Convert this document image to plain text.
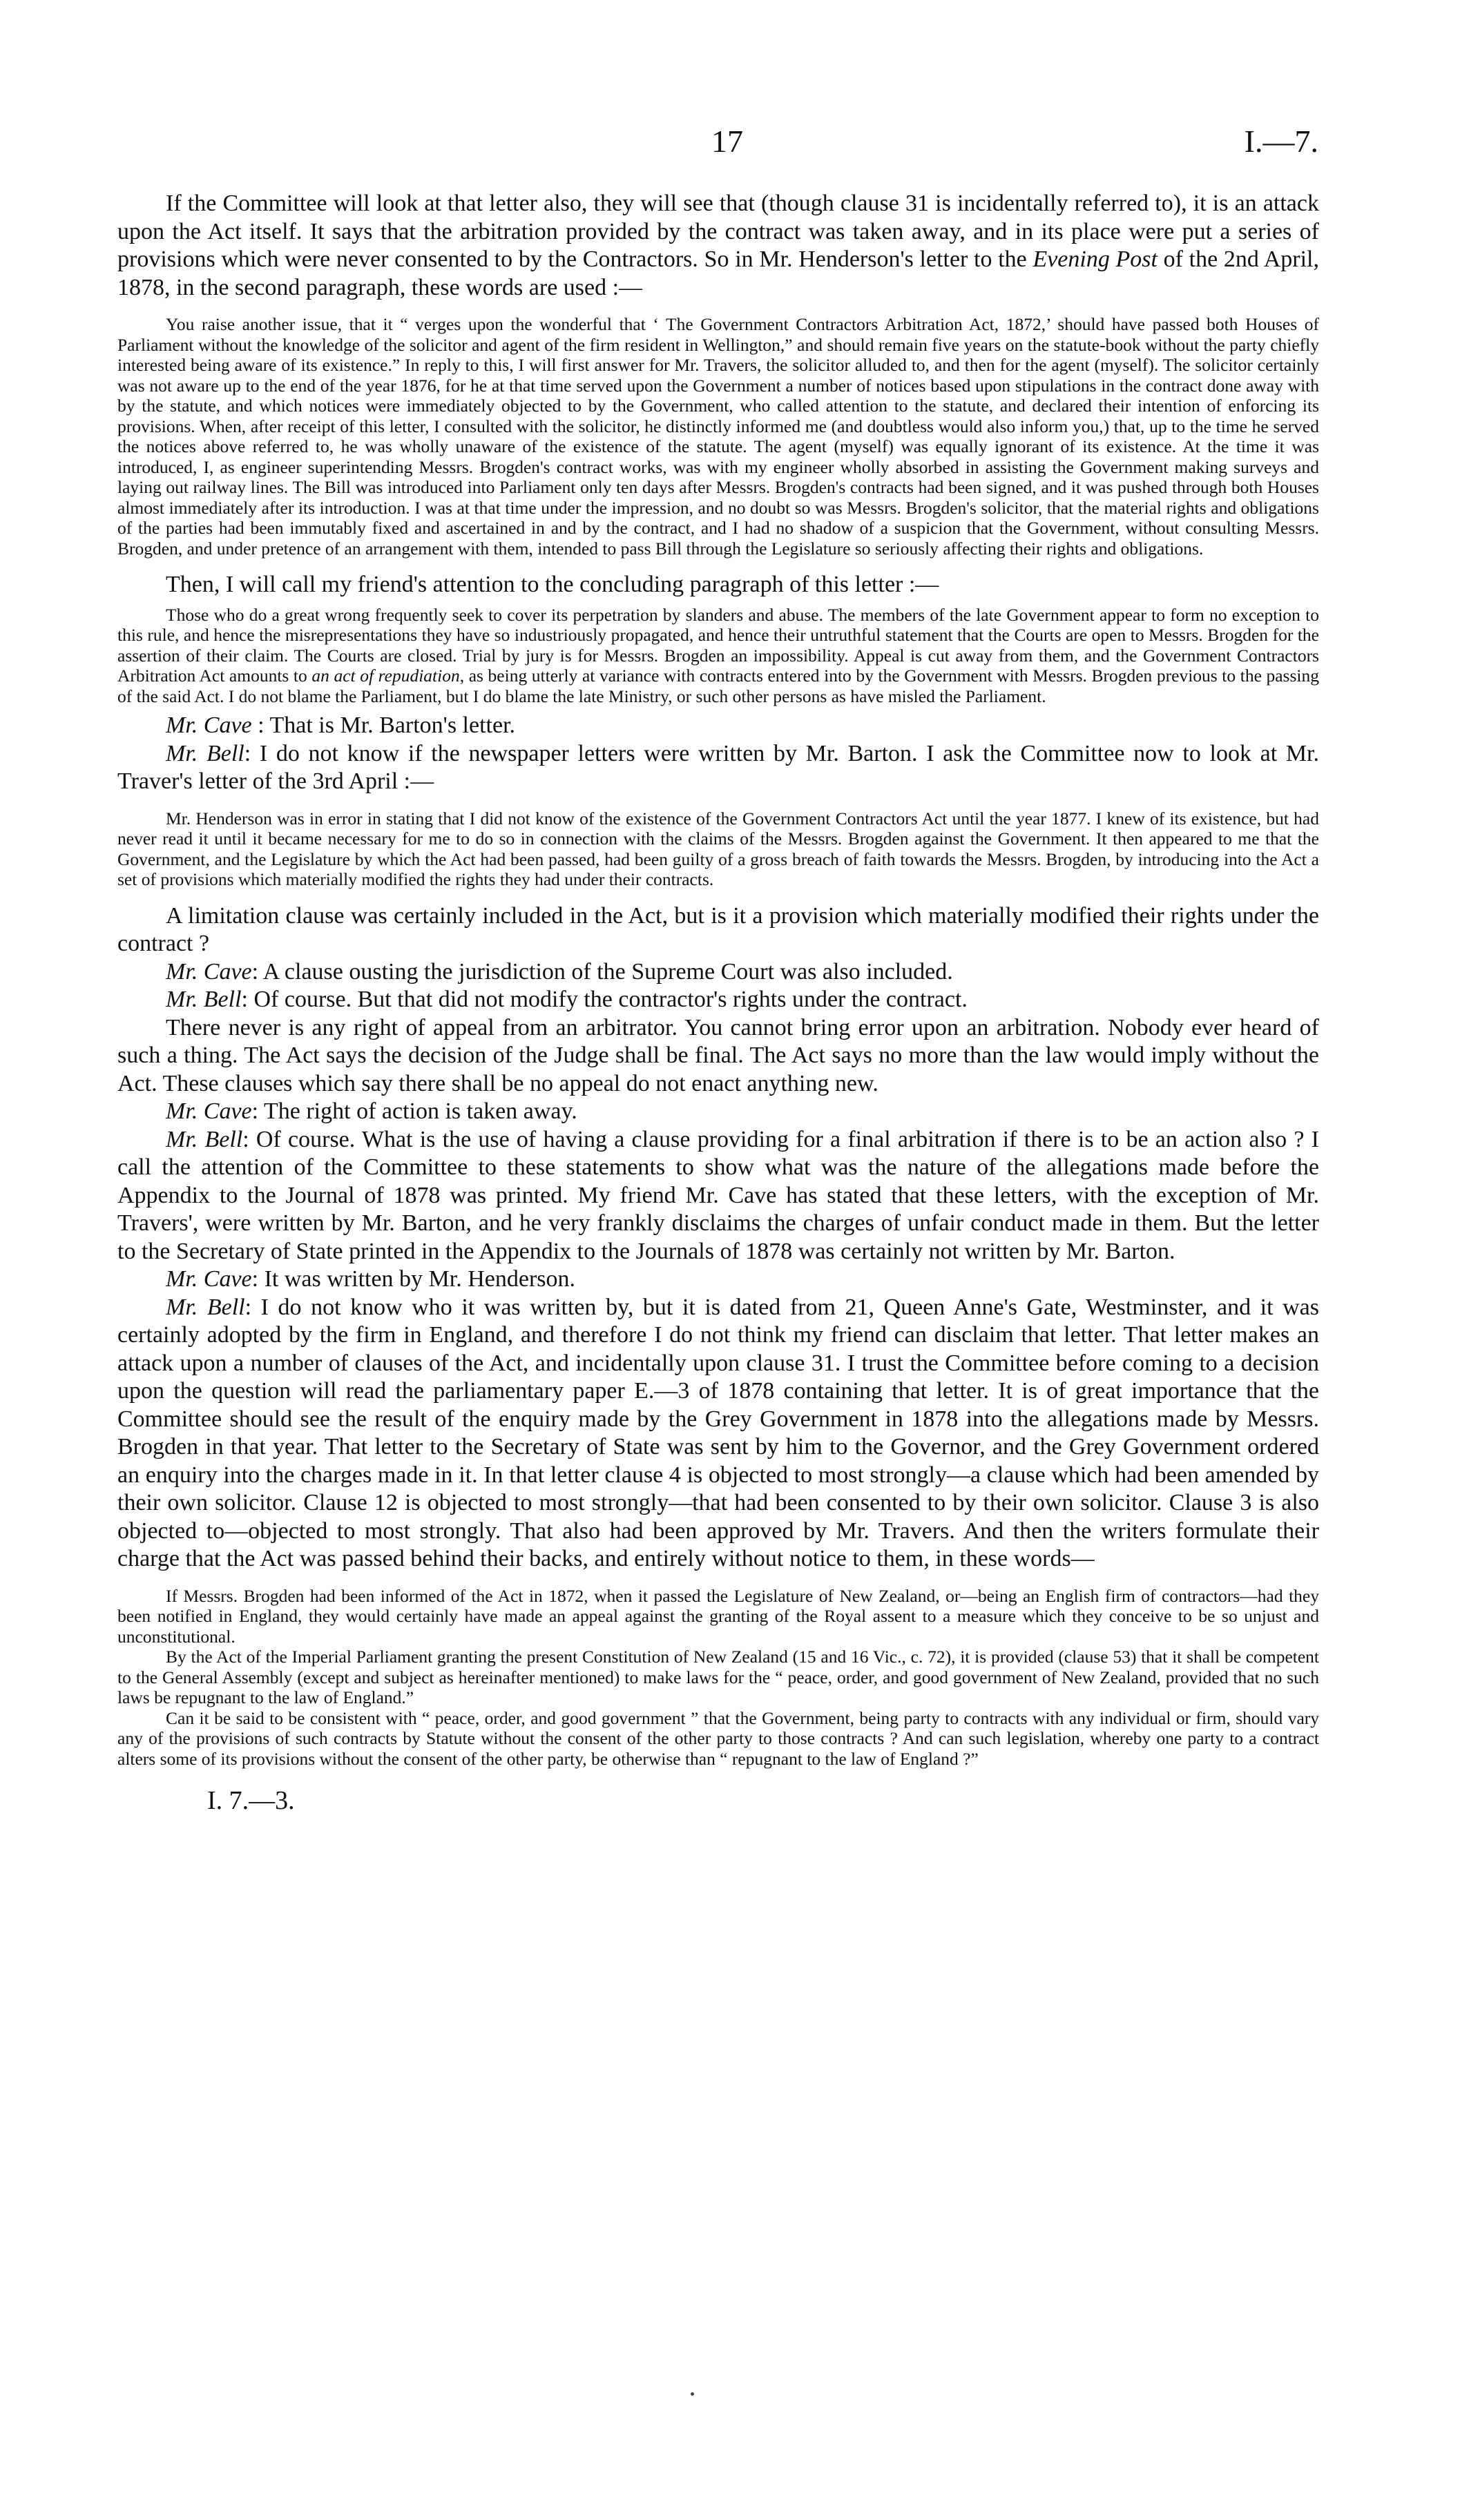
17	I.—7.

If the Committee will look at that letter also, they will see that (though clause 31 is incidentally referred to), it is an attack upon the Act itself. It says that the arbitration provided by the contract was taken away, and in its place were put a series of provisions which were never consented to by the Contractors. So in Mr. Henderson's letter to the Evening Post of the 2nd April, 1878, in the second paragraph, these words are used :—

You raise another issue, that it “ verges upon the wonderful that ‘ The Government Contractors Arbitration Act, 1872,’ should have passed both Houses of Parliament without the knowledge of the solicitor and agent of the firm resident in Wellington,” and should remain five years on the statute-book without the party chiefly interested being aware of its existence.” In reply to this, I will first answer for Mr. Travers, the solicitor alluded to, and then for the agent (myself). The solicitor certainly was not aware up to the end of the year 1876, for he at that time served upon the Government a number of notices based upon stipulations in the contract done away with by the statute, and which notices were immediately objected to by the Government, who called attention to the statute, and declared their intention of enforcing its provisions. When, after receipt of this letter, I consulted with the solicitor, he distinctly informed me (and doubtless would also inform you,) that, up to the time he served the notices above referred to, he was wholly unaware of the existence of the statute. The agent (myself) was equally ignorant of its existence. At the time it was introduced, I, as engineer superintending Messrs. Brogden's contract works, was with my engineer wholly absorbed in assisting the Government making surveys and laying out railway lines. The Bill was introduced into Parliament only ten days after Messrs. Brogden's contracts had been signed, and it was pushed through both Houses almost immediately after its introduction. I was at that time under the impression, and no doubt so was Messrs. Brogden's solicitor, that the material rights and obligations of the parties had been immutably fixed and ascertained in and by the contract, and I had no shadow of a suspicion that the Government, without consulting Messrs. Brogden, and under pretence of an arrangement with them, intended to pass Bill through the Legislature so seriously affecting their rights and obligations.

Then, I will call my friend's attention to the concluding paragraph of this letter :—

Those who do a great wrong frequently seek to cover its perpetration by slanders and abuse. The members of the late Government appear to form no exception to this rule, and hence the misrepresentations they have so industriously propagated, and hence their untruthful statement that the Courts are open to Messrs. Brogden for the assertion of their claim. The Courts are closed. Trial by jury is for Messrs. Brogden an impossibility. Appeal is cut away from them, and the Government Contractors Arbitration Act amounts to an act of repudiation, as being utterly at variance with contracts entered into by the Government with Messrs. Brogden previous to the passing of the said Act. I do not blame the Parliament, but I do blame the late Ministry, or such other persons as have misled the Parliament.

Mr. Cave : That is Mr. Barton's letter.

Mr. Bell: I do not know if the newspaper letters were written by Mr. Barton. I ask the Committee now to look at Mr. Traver's letter of the 3rd April :—

Mr. Henderson was in error in stating that I did not know of the existence of the Government Contractors Act until the year 1877. I knew of its existence, but had never read it until it became necessary for me to do so in connection with the claims of the Messrs. Brogden against the Government. It then appeared to me that the Government, and the Legislature by which the Act had been passed, had been guilty of a gross breach of faith towards the Messrs. Brogden, by introducing into the Act a set of provisions which materially modified the rights they had under their contracts.

A limitation clause was certainly included in the Act, but is it a provision which materially modified their rights under the contract ?

Mr. Cave: A clause ousting the jurisdiction of the Supreme Court was also included.

Mr. Bell: Of course. But that did not modify the contractor's rights under the contract.

There never is any right of appeal from an arbitrator. You cannot bring error upon an arbitration. Nobody ever heard of such a thing. The Act says the decision of the Judge shall be final. The Act says no more than the law would imply without the Act. These clauses which say there shall be no appeal do not enact anything new.

Mr. Cave: The right of action is taken away.

Mr. Bell: Of course. What is the use of having a clause providing for a final arbitration if there is to be an action also ? I call the attention of the Committee to these statements to show what was the nature of the allegations made before the Appendix to the Journal of 1878 was printed. My friend Mr. Cave has stated that these letters, with the exception of Mr. Travers', were written by Mr. Barton, and he very frankly disclaims the charges of unfair conduct made in them. But the letter to the Secretary of State printed in the Appendix to the Journals of 1878 was certainly not written by Mr. Barton.

Mr. Cave: It was written by Mr. Henderson.

Mr. Bell: I do not know who it was written by, but it is dated from 21, Queen Anne's Gate, Westminster, and it was certainly adopted by the firm in England, and therefore I do not think my friend can disclaim that letter. That letter makes an attack upon a number of clauses of the Act, and incidentally upon clause 31. I trust the Committee before coming to a decision upon the question will read the parliamentary paper E.—3 of 1878 containing that letter. It is of great importance that the Committee should see the result of the enquiry made by the Grey Government in 1878 into the allegations made by Messrs. Brogden in that year. That letter to the Secretary of State was sent by him to the Governor, and the Grey Government ordered an enquiry into the charges made in it. In that letter clause 4 is objected to most strongly—a clause which had been amended by their own solicitor. Clause 12 is objected to most strongly—that had been consented to by their own solicitor. Clause 3 is also objected to—objected to most strongly. That also had been approved by Mr. Travers. And then the writers formulate their charge that the Act was passed behind their backs, and entirely without notice to them, in these words—

If Messrs. Brogden had been informed of the Act in 1872, when it passed the Legislature of New Zealand, or—being an English firm of contractors—had they been notified in England, they would certainly have made an appeal against the granting of the Royal assent to a measure which they conceive to be so unjust and unconstitutional.

By the Act of the Imperial Parliament granting the present Constitution of New Zealand (15 and 16 Vic., c. 72), it is provided (clause 53) that it shall be competent to the General Assembly (except and subject as hereinafter mentioned) to make laws for the “ peace, order, and good government of New Zealand, provided that no such laws be repugnant to the law of England.”

Can it be said to be consistent with “ peace, order, and good government ” that the Government, being party to contracts with any individual or firm, should vary any of the provisions of such contracts by Statute without the consent of the other party to those contracts ? And can such legislation, whereby one party to a contract alters some of its provisions without the consent of the other party, be otherwise than “ repugnant to the law of England ?”

I. 7.—3.
